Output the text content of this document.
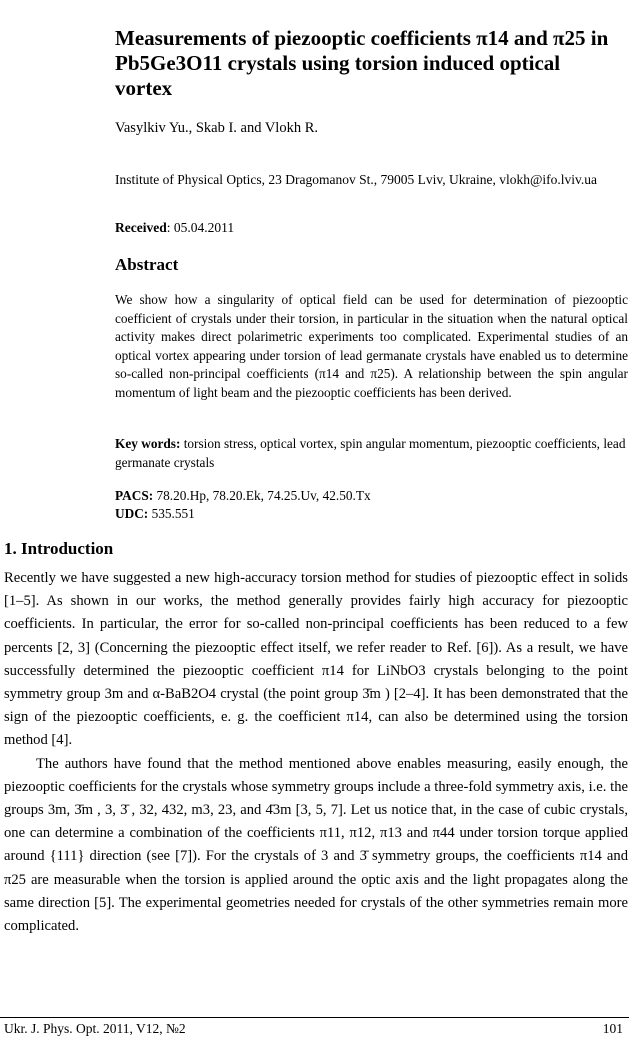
Measurements of piezooptic coefficients π14 and π25 in Pb5Ge3O11 crystals using torsion induced optical vortex
Vasylkiv Yu., Skab I. and Vlokh R.
Institute of Physical Optics, 23 Dragomanov St., 79005 Lviv, Ukraine, vlokh@ifo.lviv.ua
Received: 05.04.2011
Abstract
We show how a singularity of optical field can be used for determination of piezooptic coefficient of crystals under their torsion, in particular in the situation when the natural optical activity makes direct polarimetric experiments too complicated. Experimental studies of an optical vortex appearing under torsion of lead germanate crystals have enabled us to determine so-called non-principal coefficients (π14 and π25). A relationship between the spin angular momentum of light beam and the piezooptic coefficients has been derived.
Key words: torsion stress, optical vortex, spin angular momentum, piezooptic coefficients, lead germanate crystals
PACS: 78.20.Hp, 78.20.Ek, 74.25.Uv, 42.50.Tx
UDC: 535.551
1. Introduction

Recently we have suggested a new high-accuracy torsion method for studies of piezooptic effect in solids [1–5]. As shown in our works, the method generally provides fairly high accuracy for piezooptic coefficients. In particular, the error for so-called non-principal coefficients has been reduced to a few percents [2, 3] (Concerning the piezooptic effect itself, we refer reader to Ref. [6]). As a result, we have successfully determined the piezooptic coefficient π14 for LiNbO3 crystals belonging to the point symmetry group 3m and α-BaB2O4 crystal (the point group 3̄m ) [2–4]. It has been demonstrated that the sign of the piezooptic coefficients, e. g. the coefficient π14, can also be determined using the torsion method [4].

The authors have found that the method mentioned above enables measuring, easily enough, the piezooptic coefficients for the crystals whose symmetry groups include a three-fold symmetry axis, i.e. the groups 3m, 3̄m , 3, 3̄ , 32, 432, m3, 23, and 4̄3m [3, 5, 7]. Let us notice that, in the case of cubic crystals, one can determine a combination of the coefficients π11, π12, π13 and π44 under torsion torque applied around {111} direction (see [7]). For the crystals of 3 and 3̄ symmetry groups, the coefficients π14 and π25 are measurable when the torsion is applied around the optic axis and the light propagates along the same direction [5]. The experimental geometries needed for crystals of the other symmetries remain more complicated.

Ukr. J. Phys. Opt. 2011, V12, №2	101
